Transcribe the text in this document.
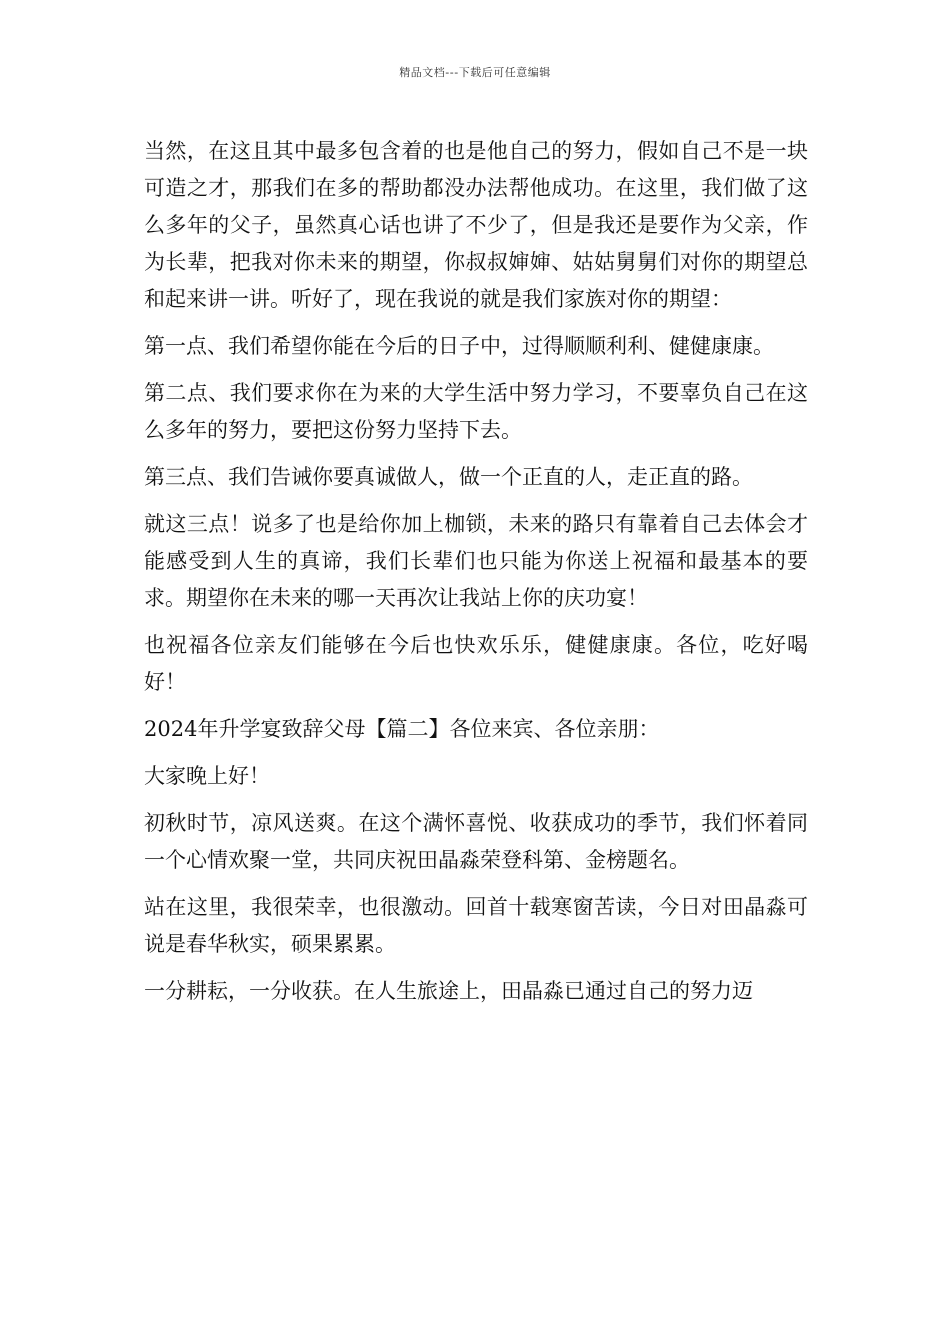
精品文档---下载后可任意编辑

当然，在这且其中最多包含着的也是他自己的努力，假如自己不是一块可造之才，那我们在多的帮助都没办法帮他成功。在这里，我们做了这么多年的父子，虽然真心话也讲了不少了，但是我还是要作为父亲，作为长辈，把我对你未来的期望，你叔叔婶婶、姑姑舅舅们对你的期望总和起来讲一讲。听好了，现在我说的就是我们家族对你的期望：

第一点、我们希望你能在今后的日子中，过得顺顺利利、健健康康。

第二点、我们要求你在为来的大学生活中努力学习，不要辜负自己在这么多年的努力，要把这份努力坚持下去。

第三点、我们告诫你要真诚做人，做一个正直的人，走正直的路。

就这三点！说多了也是给你加上枷锁，未来的路只有靠着自己去体会才能感受到人生的真谛，我们长辈们也只能为你送上祝福和最基本的要求。期望你在未来的哪一天再次让我站上你的庆功宴！

也祝福各位亲友们能够在今后也快欢乐乐，健健康康。各位，吃好喝好！

2024年升学宴致辞父母【篇二】各位来宾、各位亲朋：

大家晚上好！

初秋时节，凉风送爽。在这个满怀喜悦、收获成功的季节，我们怀着同一个心情欢聚一堂，共同庆祝田晶淼荣登科第、金榜题名。

站在这里，我很荣幸，也很激动。回首十载寒窗苦读，今日对田晶淼可说是春华秋实，硕果累累。

一分耕耘，一分收获。在人生旅途上，田晶淼已通过自己的努力迈
